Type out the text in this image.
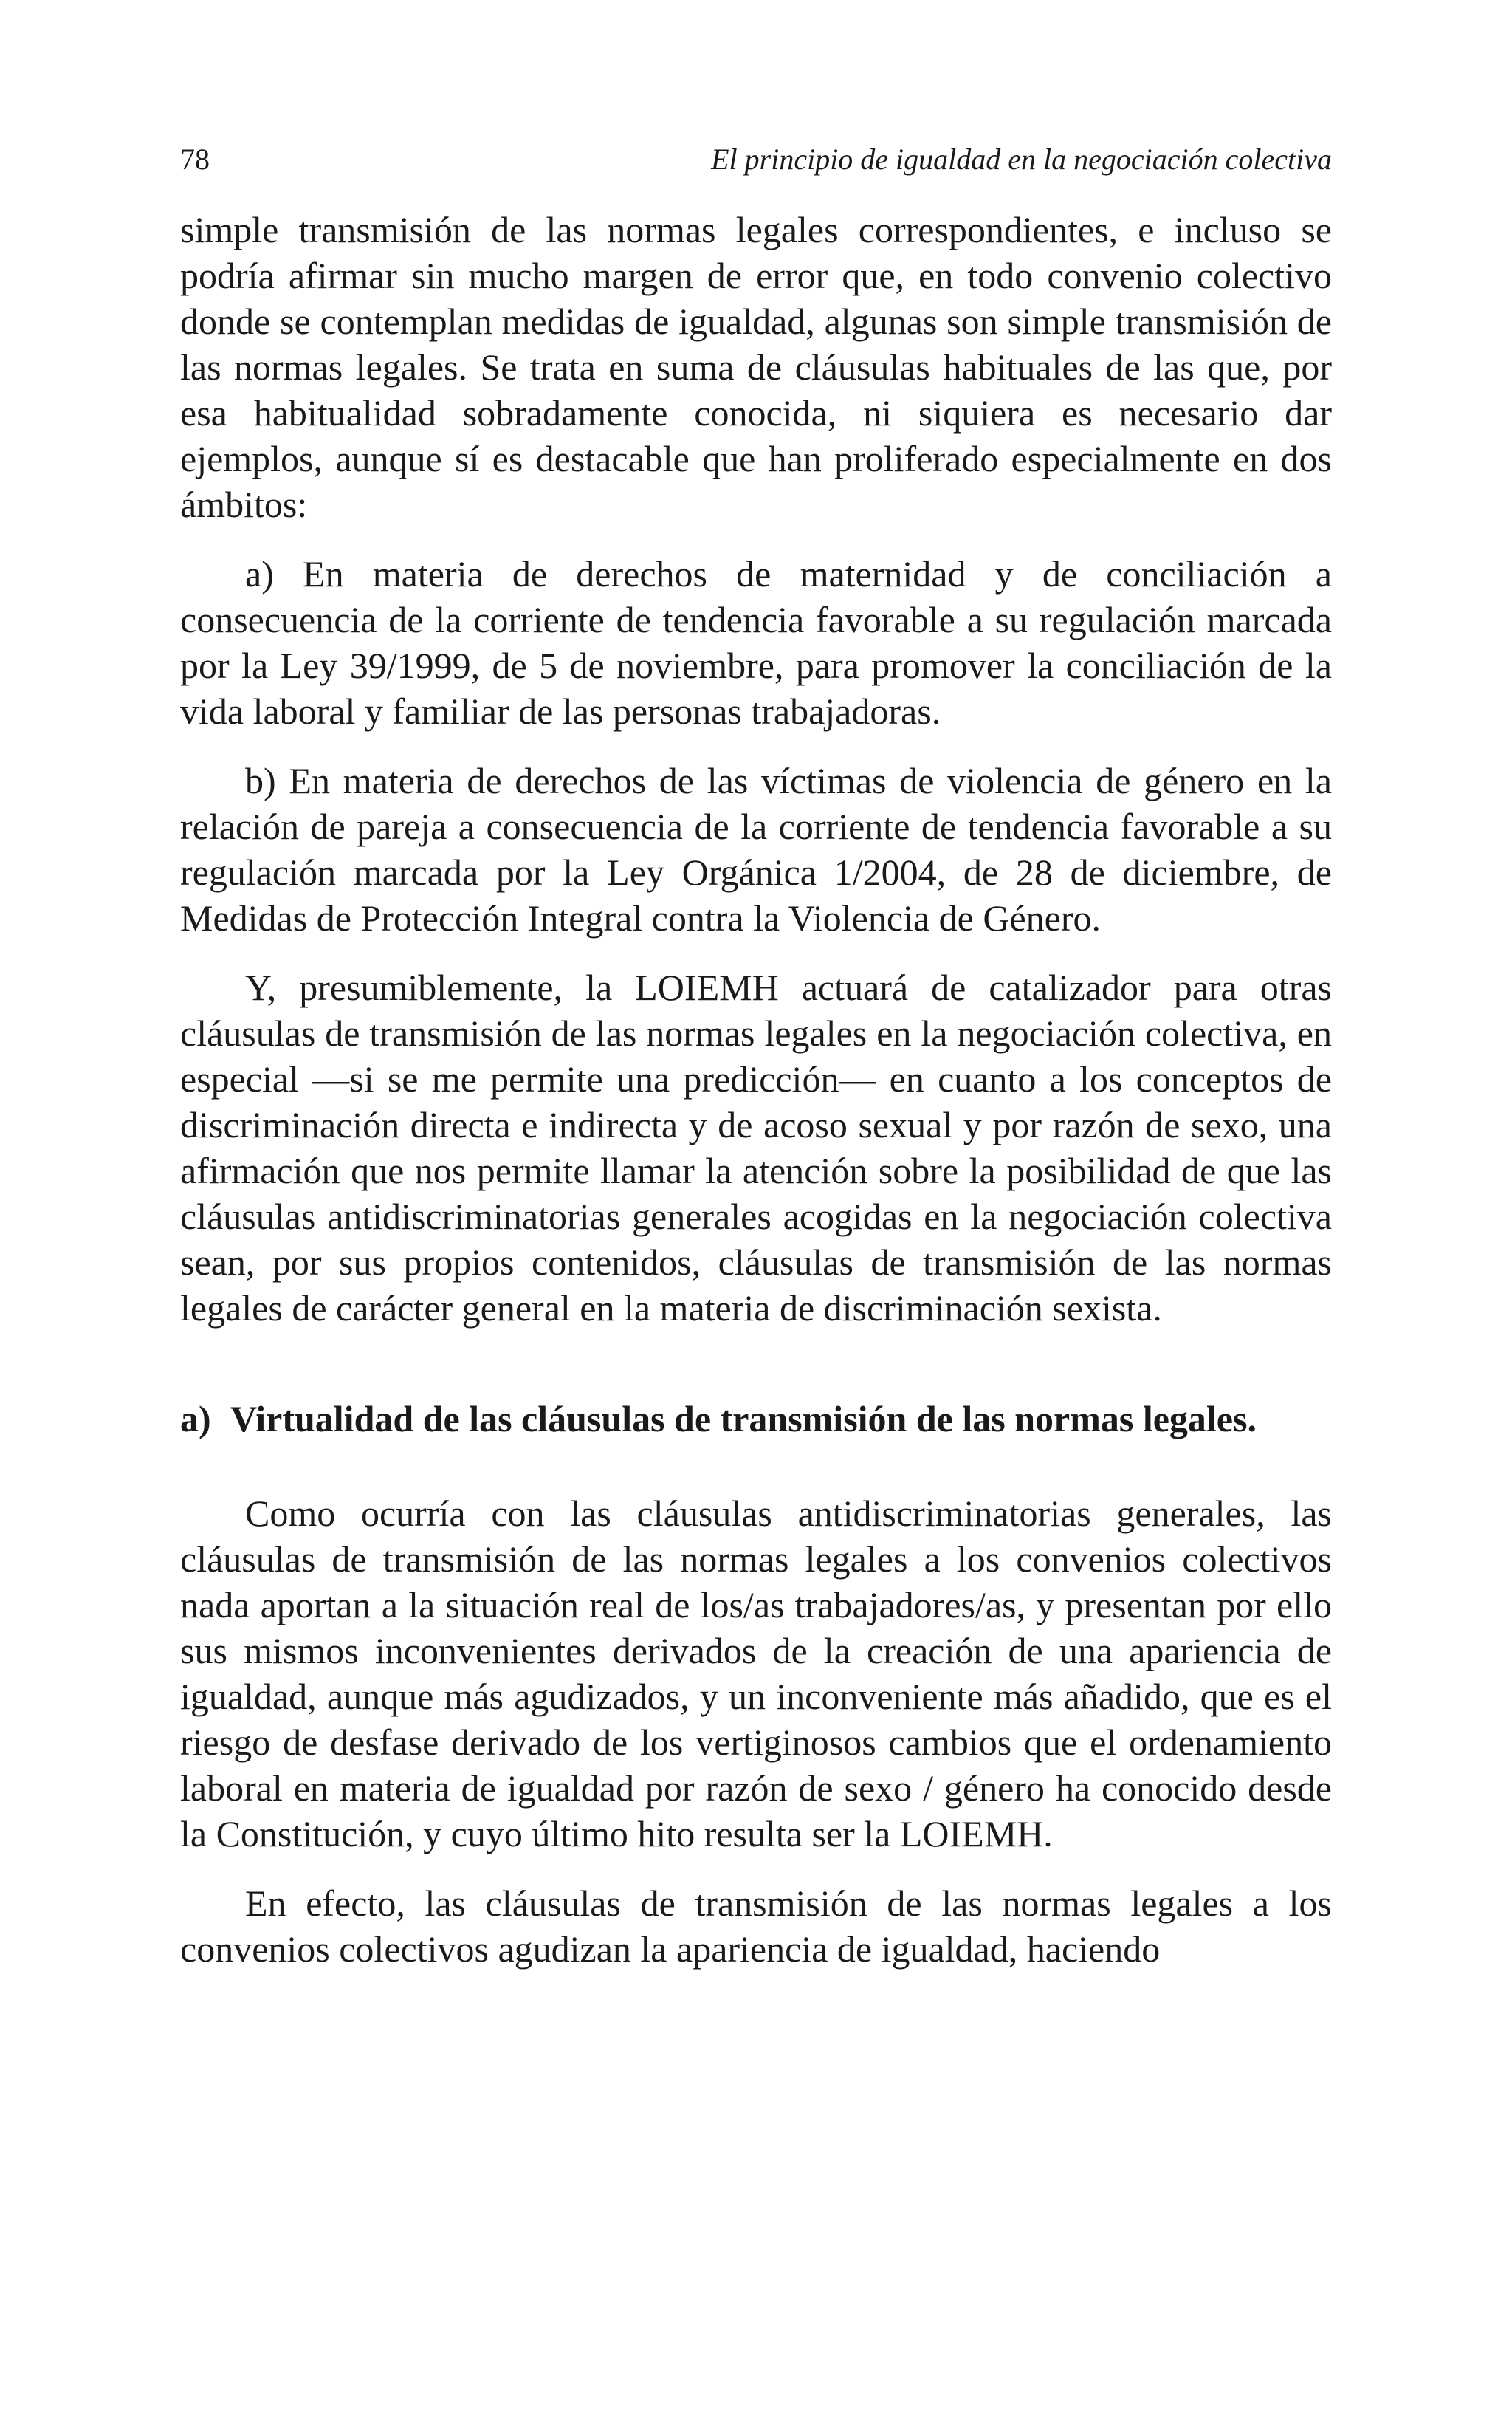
78	El principio de igualdad en la negociación colectiva

simple transmisión de las normas legales correspondientes, e incluso se podría afirmar sin mucho margen de error que, en todo convenio colectivo donde se contemplan medidas de igualdad, algunas son simple transmisión de las normas legales. Se trata en suma de cláusulas habituales de las que, por esa habitualidad sobradamente conocida, ni siquiera es necesario dar ejemplos, aunque sí es destacable que han proliferado especialmente en dos ámbitos:

a) En materia de derechos de maternidad y de conciliación a consecuencia de la corriente de tendencia favorable a su regulación marcada por la Ley 39/1999, de 5 de noviembre, para promover la conciliación de la vida laboral y familiar de las personas trabajadoras.

b) En materia de derechos de las víctimas de violencia de género en la relación de pareja a consecuencia de la corriente de tendencia favorable a su regulación marcada por la Ley Orgánica 1/2004, de 28 de diciembre, de Medidas de Protección Integral contra la Violencia de Género.

Y, presumiblemente, la LOIEMH actuará de catalizador para otras cláusulas de transmisión de las normas legales en la negociación colectiva, en especial —si se me permite una predicción— en cuanto a los conceptos de discriminación directa e indirecta y de acoso sexual y por razón de sexo, una afirmación que nos permite llamar la atención sobre la posibilidad de que las cláusulas antidiscriminatorias generales acogidas en la negociación colectiva sean, por sus propios contenidos, cláusulas de transmisión de las normas legales de carácter general en la materia de discriminación sexista.

a) Virtualidad de las cláusulas de transmisión de las normas legales.

Como ocurría con las cláusulas antidiscriminatorias generales, las cláusulas de transmisión de las normas legales a los convenios colectivos nada aportan a la situación real de los/as trabajadores/as, y presentan por ello sus mismos inconvenientes derivados de la creación de una apariencia de igualdad, aunque más agudizados, y un inconveniente más añadido, que es el riesgo de desfase derivado de los vertiginosos cambios que el ordenamiento laboral en materia de igualdad por razón de sexo / género ha conocido desde la Constitución, y cuyo último hito resulta ser la LOIEMH.

En efecto, las cláusulas de transmisión de las normas legales a los convenios colectivos agudizan la apariencia de igualdad, haciendo
